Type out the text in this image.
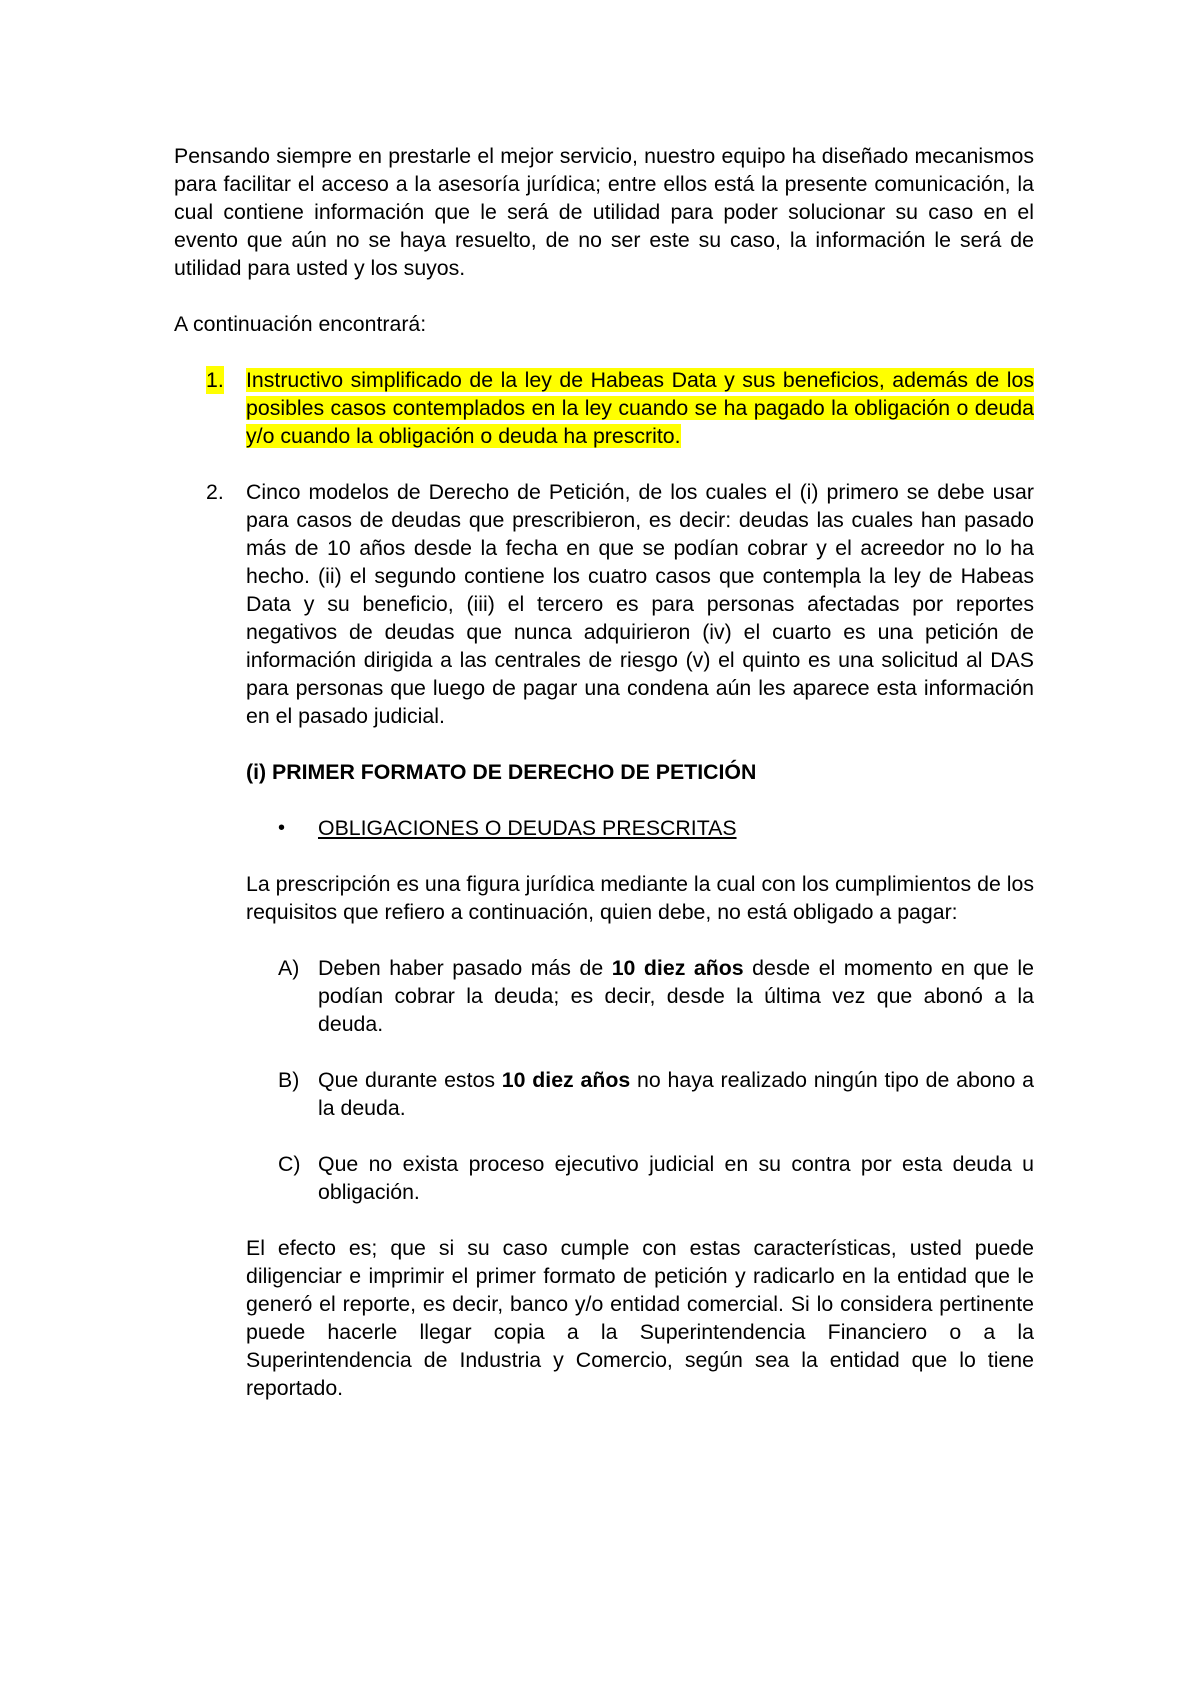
Pensando siempre en prestarle el mejor servicio, nuestro equipo ha diseñado mecanismos para facilitar el acceso a la asesoría jurídica; entre ellos está la presente comunicación, la cual contiene información que le será de utilidad para poder solucionar su caso en el evento que aún no se haya resuelto, de no ser este su caso, la información le será de utilidad para usted y los suyos.

A continuación encontrará:

1. Instructivo simplificado de la ley de Habeas Data y sus beneficios, además de los posibles casos contemplados en la ley cuando se ha pagado la obligación o deuda y/o cuando la obligación o deuda ha prescrito.
2. Cinco modelos de Derecho de Petición, de los cuales el (i) primero se debe usar para casos de deudas que prescribieron, es decir: deudas las cuales han pasado más de 10 años desde la fecha en que se podían cobrar y el acreedor no lo ha hecho. (ii) el segundo contiene los cuatro casos que contempla la ley de Habeas Data y su beneficio, (iii) el tercero es para personas afectadas por reportes negativos de deudas que nunca adquirieron (iv) el cuarto es una petición de información dirigida a las centrales de riesgo (v) el quinto es una solicitud al DAS para personas que luego de pagar una condena aún les aparece esta información en el pasado judicial.

(i) PRIMER FORMATO DE DERECHO DE PETICIÓN

• OBLIGACIONES O DEUDAS PRESCRITAS

La prescripción es una figura jurídica mediante la cual con los cumplimientos de los requisitos que refiero a continuación, quien debe, no está obligado a pagar:

A) Deben haber pasado más de 10 diez años desde el momento en que le podían cobrar la deuda; es decir, desde la última vez que abonó a la deuda.
B) Que durante estos 10 diez años no haya realizado ningún tipo de abono a la deuda.
C) Que no exista proceso ejecutivo judicial en su contra por esta deuda u obligación.

El efecto es; que si su caso cumple con estas características, usted puede diligenciar e imprimir el primer formato de petición y radicarlo en la entidad que le generó el reporte, es decir, banco y/o entidad comercial. Si lo considera pertinente puede hacerle llegar copia a la Superintendencia Financiero o a la Superintendencia de Industria y Comercio, según sea la entidad que lo tiene reportado.
